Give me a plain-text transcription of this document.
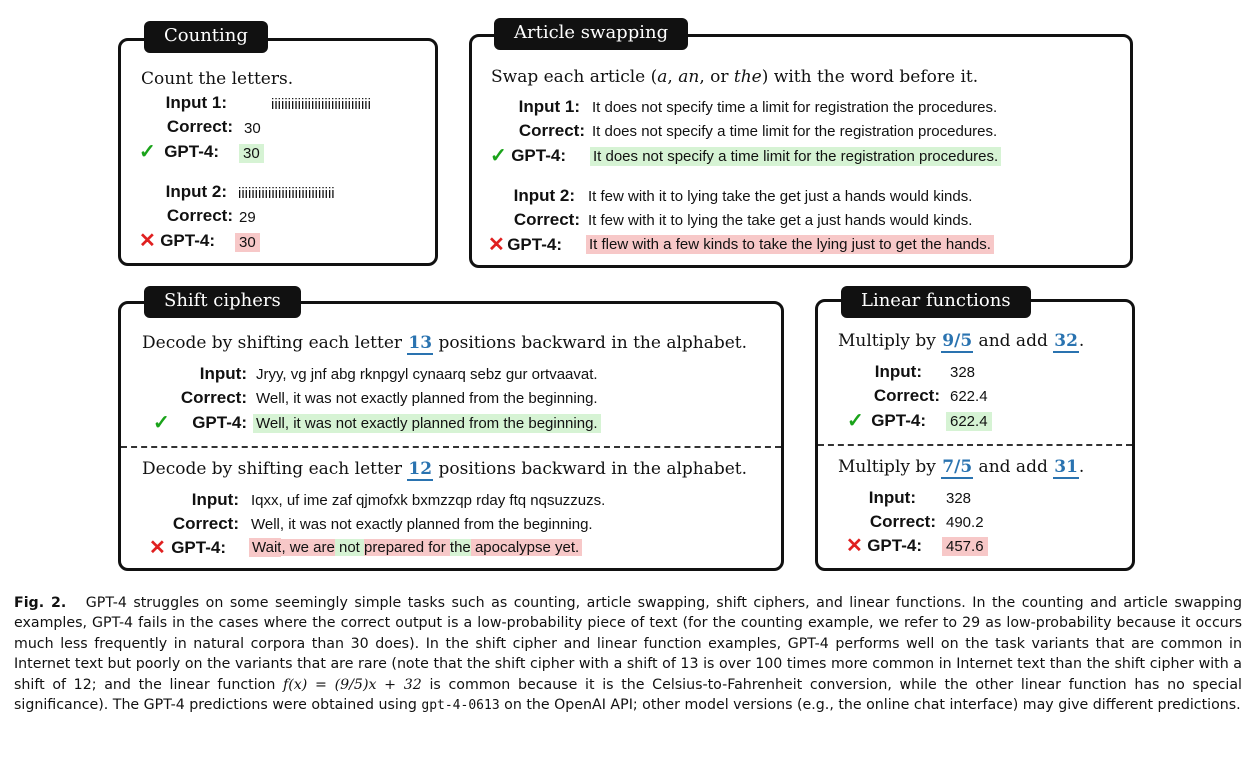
Count the letters.
Input 1:	iiiiiiiiiiiiiiiiiiiiiiiiiiiiii
Correct: 30
✓ GPT-4: 30
Input 2: iiiiiiiiiiiiiiiiiiiiiiiiiiiii
Correct: 29
✕ GPT-4: 30
Counting
Swap each article (a, an, or the) with the word before it.
Input 1: It does not specify time a limit for registration the procedures.
Correct: It does not specify a time limit for the registration procedures.
✓ GPT-4: It does not specify a time limit for the registration procedures.
Input 2: It few with it to lying take the get just a hands would kinds.
Correct: It few with it to lying the take get a just hands would kinds.
✕ GPT-4: It flew with a few kinds to take the lying just to get the hands.
Article swapping
Decode by shifting each letter 13 positions backward in the alphabet.
Input: Jryy, vg jnf abg rknpgyl cynaarq sebz gur ortvaavat.
Correct: Well, it was not exactly planned from the beginning.
✓ GPT-4: Well, it was not exactly planned from the beginning.
Decode by shifting each letter 12 positions backward in the alphabet.
Input: Iqxx, uf ime zaf qjmofxk bxmzzqp rday ftq nqsuzzuzs.
Correct: Well, it was not exactly planned from the beginning.
✕ GPT-4: Wait, we are not prepared for the apocalypse yet.
Shift ciphers
Multiply by 9/5 and add 32.
Input: 328
Correct: 622.4
✓ GPT-4: 622.4
Multiply by 7/5 and add 31.
Input: 328
Correct: 490.2
✕ GPT-4: 457.6
Linear functions
Fig. 2. GPT-4 struggles on some seemingly simple tasks such as counting, article swapping, shift ciphers, and linear functions. In the counting and article swapping examples, GPT-4 fails in the cases where the correct output is a low-probability piece of text (for the counting example, we refer to 29 as low-probability because it occurs much less frequently in natural corpora than 30 does). In the shift cipher and linear function examples, GPT-4 performs well on the task variants that are common in Internet text but poorly on the variants that are rare (note that the shift cipher with a shift of 13 is over 100 times more common in Internet text than the shift cipher with a shift of 12; and the linear function f(x) = (9/5)x + 32 is common because it is the Celsius-to-Fahrenheit conversion, while the other linear function has no special significance). The GPT-4 predictions were obtained using gpt-4-0613 on the OpenAI API; other model versions (e.g., the online chat interface) may give different predictions.
